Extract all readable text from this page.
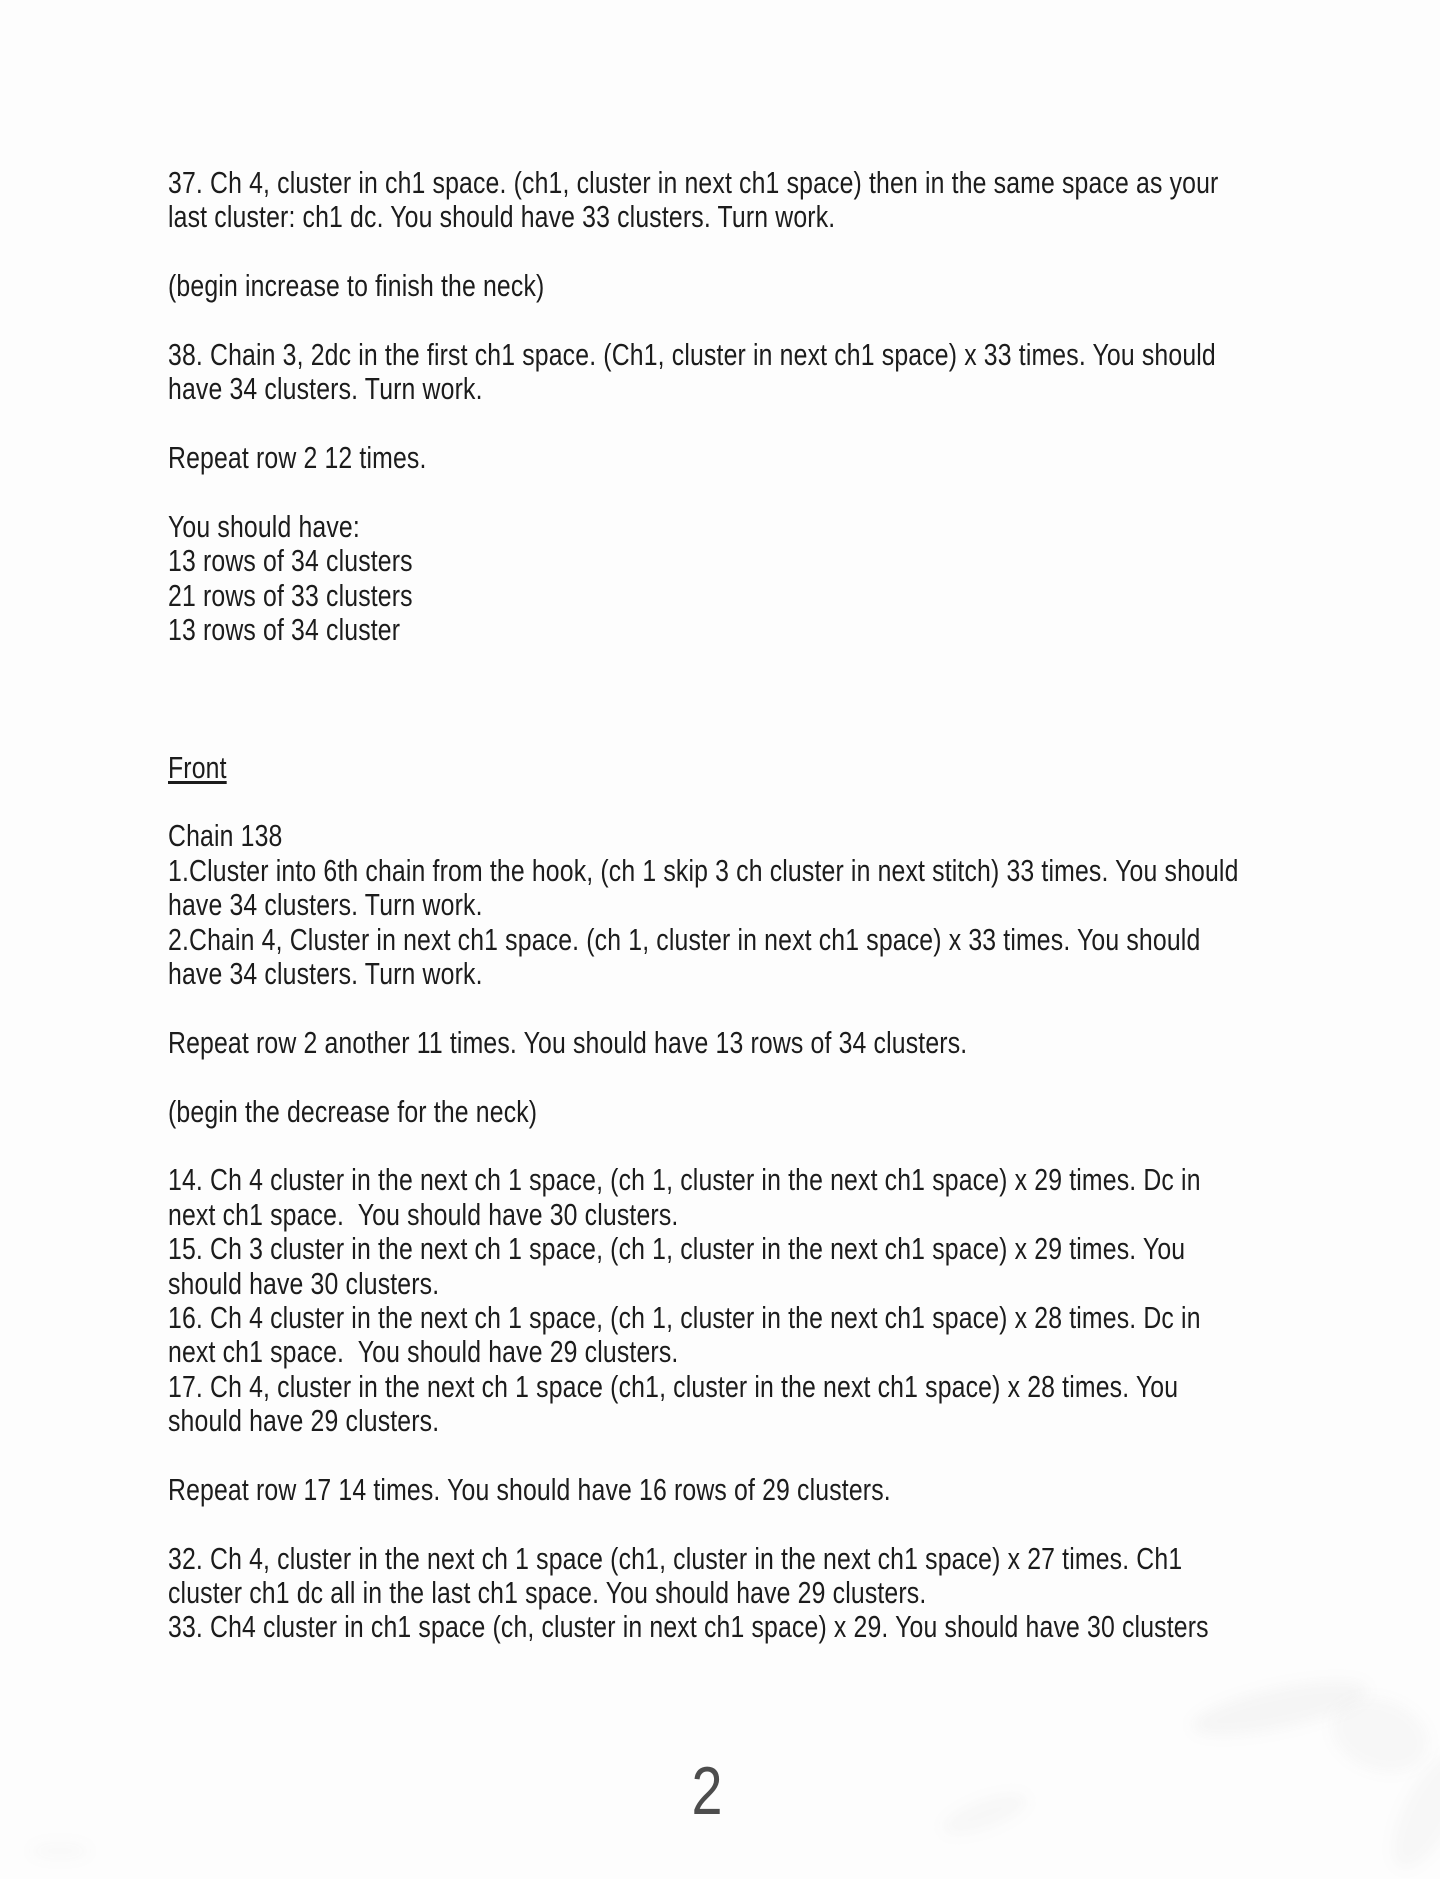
37. Ch 4, cluster in ch1 space. (ch1, cluster in next ch1 space) then in the same space as your
last cluster: ch1 dc. You should have 33 clusters. Turn work.
(begin increase to finish the neck)
38. Chain 3, 2dc in the first ch1 space. (Ch1, cluster in next ch1 space) x 33 times. You should
have 34 clusters. Turn work.
Repeat row 2 12 times.
You should have:
13 rows of 34 clusters
21 rows of 33 clusters
13 rows of 34 cluster
Front
Chain 138
1.Cluster into 6th chain from the hook, (ch 1 skip 3 ch cluster in next stitch) 33 times. You should
have 34 clusters. Turn work.
2.Chain 4, Cluster in next ch1 space. (ch 1, cluster in next ch1 space) x 33 times. You should
have 34 clusters. Turn work.
Repeat row 2 another 11 times. You should have 13 rows of 34 clusters.
(begin the decrease for the neck)
14. Ch 4 cluster in the next ch 1 space, (ch 1, cluster in the next ch1 space) x 29 times. Dc in
next ch1 space.  You should have 30 clusters.
15. Ch 3 cluster in the next ch 1 space, (ch 1, cluster in the next ch1 space) x 29 times. You
should have 30 clusters.
16. Ch 4 cluster in the next ch 1 space, (ch 1, cluster in the next ch1 space) x 28 times. Dc in
next ch1 space.  You should have 29 clusters.
17. Ch 4, cluster in the next ch 1 space (ch1, cluster in the next ch1 space) x 28 times. You
should have 29 clusters.
Repeat row 17 14 times. You should have 16 rows of 29 clusters.
32. Ch 4, cluster in the next ch 1 space (ch1, cluster in the next ch1 space) x 27 times. Ch1
cluster ch1 dc all in the last ch1 space. You should have 29 clusters.
33. Ch4 cluster in ch1 space (ch, cluster in next ch1 space) x 29. You should have 30 clusters
2
